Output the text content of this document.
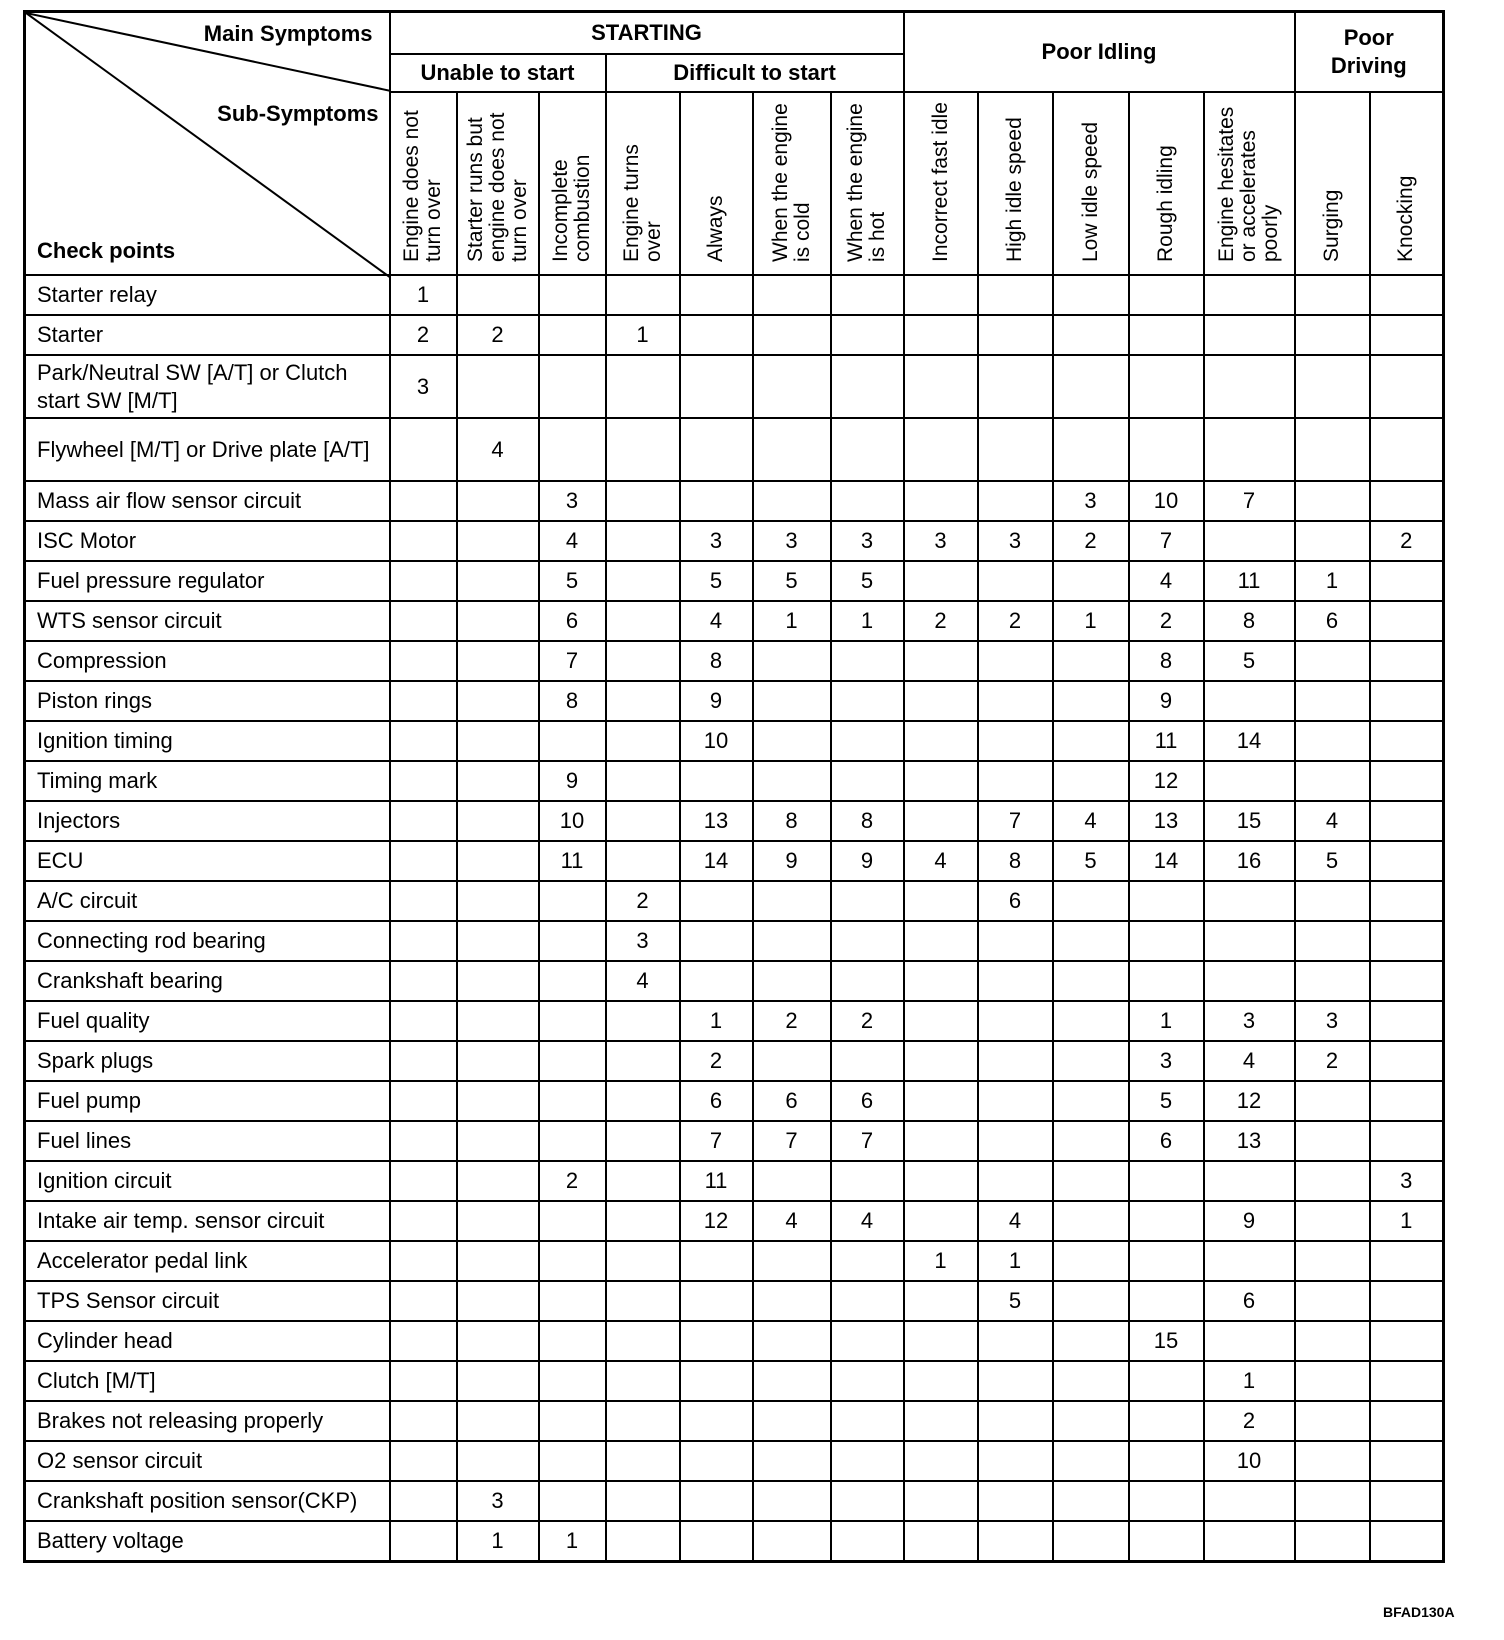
Main Symptoms
Sub-Symptoms
Check points	STARTING							Poor Idling					Poor Driving	
	Unable to start			Difficult to start										
	Engine does not turn over	Starter runs but engine does not turn over	Incomplete combustion	Engine turns over	Always	When the engine is cold	When the engine is hot	Incorrect fast idle	High idle speed	Low idle speed	Rough idling	Engine hesitates or accelerates poorly	Surging	Knocking
Starter relay	1													
Starter	2	2		1										
Park/Neutral SW [A/T] or Clutch start SW [M/T]	3													
Flywheel [M/T] or Drive plate [A/T]		4												
Mass air flow sensor circuit			3							3	10	7		
ISC Motor			4		3	3	3	3	3	2	7			2
Fuel pressure regulator			5		5	5	5				4	11	1	
WTS sensor circuit			6		4	1	1	2	2	1	2	8	6	
Compression			7		8						8	5		
Piston rings			8		9						9			
Ignition timing					10						11	14		
Timing mark			9								12			
Injectors			10		13	8	8		7	4	13	15	4	
ECU			11		14	9	9	4	8	5	14	16	5	
A/C circuit				2					6					
Connecting rod bearing				3										
Crankshaft bearing				4										
Fuel quality					1	2	2				1	3	3	
Spark plugs					2						3	4	2	
Fuel pump					6	6	6				5	12		
Fuel lines					7	7	7				6	13		
Ignition circuit			2		11									3
Intake air temp. sensor circuit					12	4	4		4			9		1
Accelerator pedal link								1	1					
TPS Sensor circuit									5			6		
Cylinder head											15			
Clutch [M/T]												1		
Brakes not releasing properly												2		
O2 sensor circuit												10		
Crankshaft position sensor(CKP)		3												
Battery voltage		1	1											
BFAD130A
